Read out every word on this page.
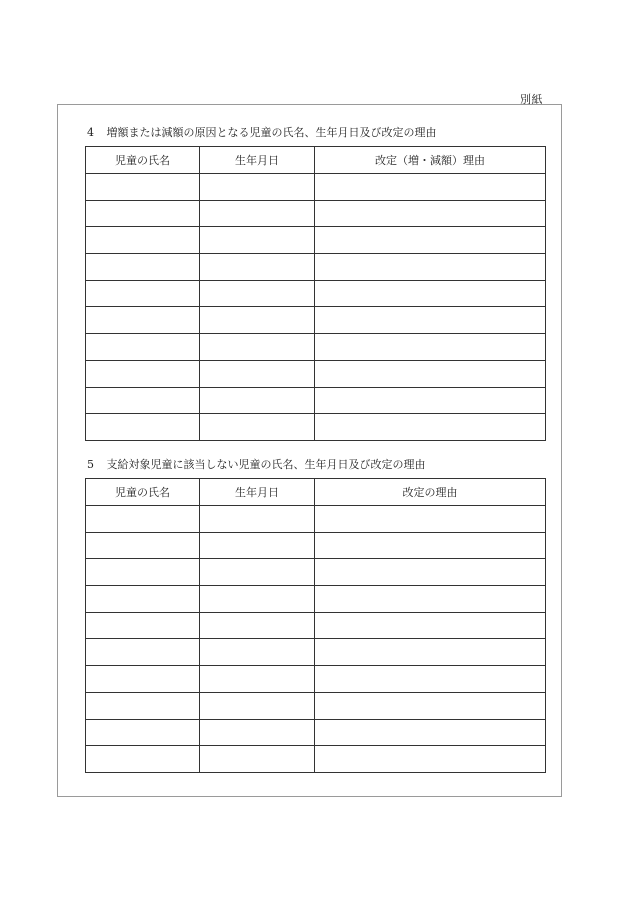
別紙
4 増額または減額の原因となる児童の氏名、生年月日及び改定の理由
児童の氏名	生年月日	改定（増・減額）理由

5 支給対象児童に該当しない児童の氏名、生年月日及び改定の理由
児童の氏名	生年月日	改定の理由
